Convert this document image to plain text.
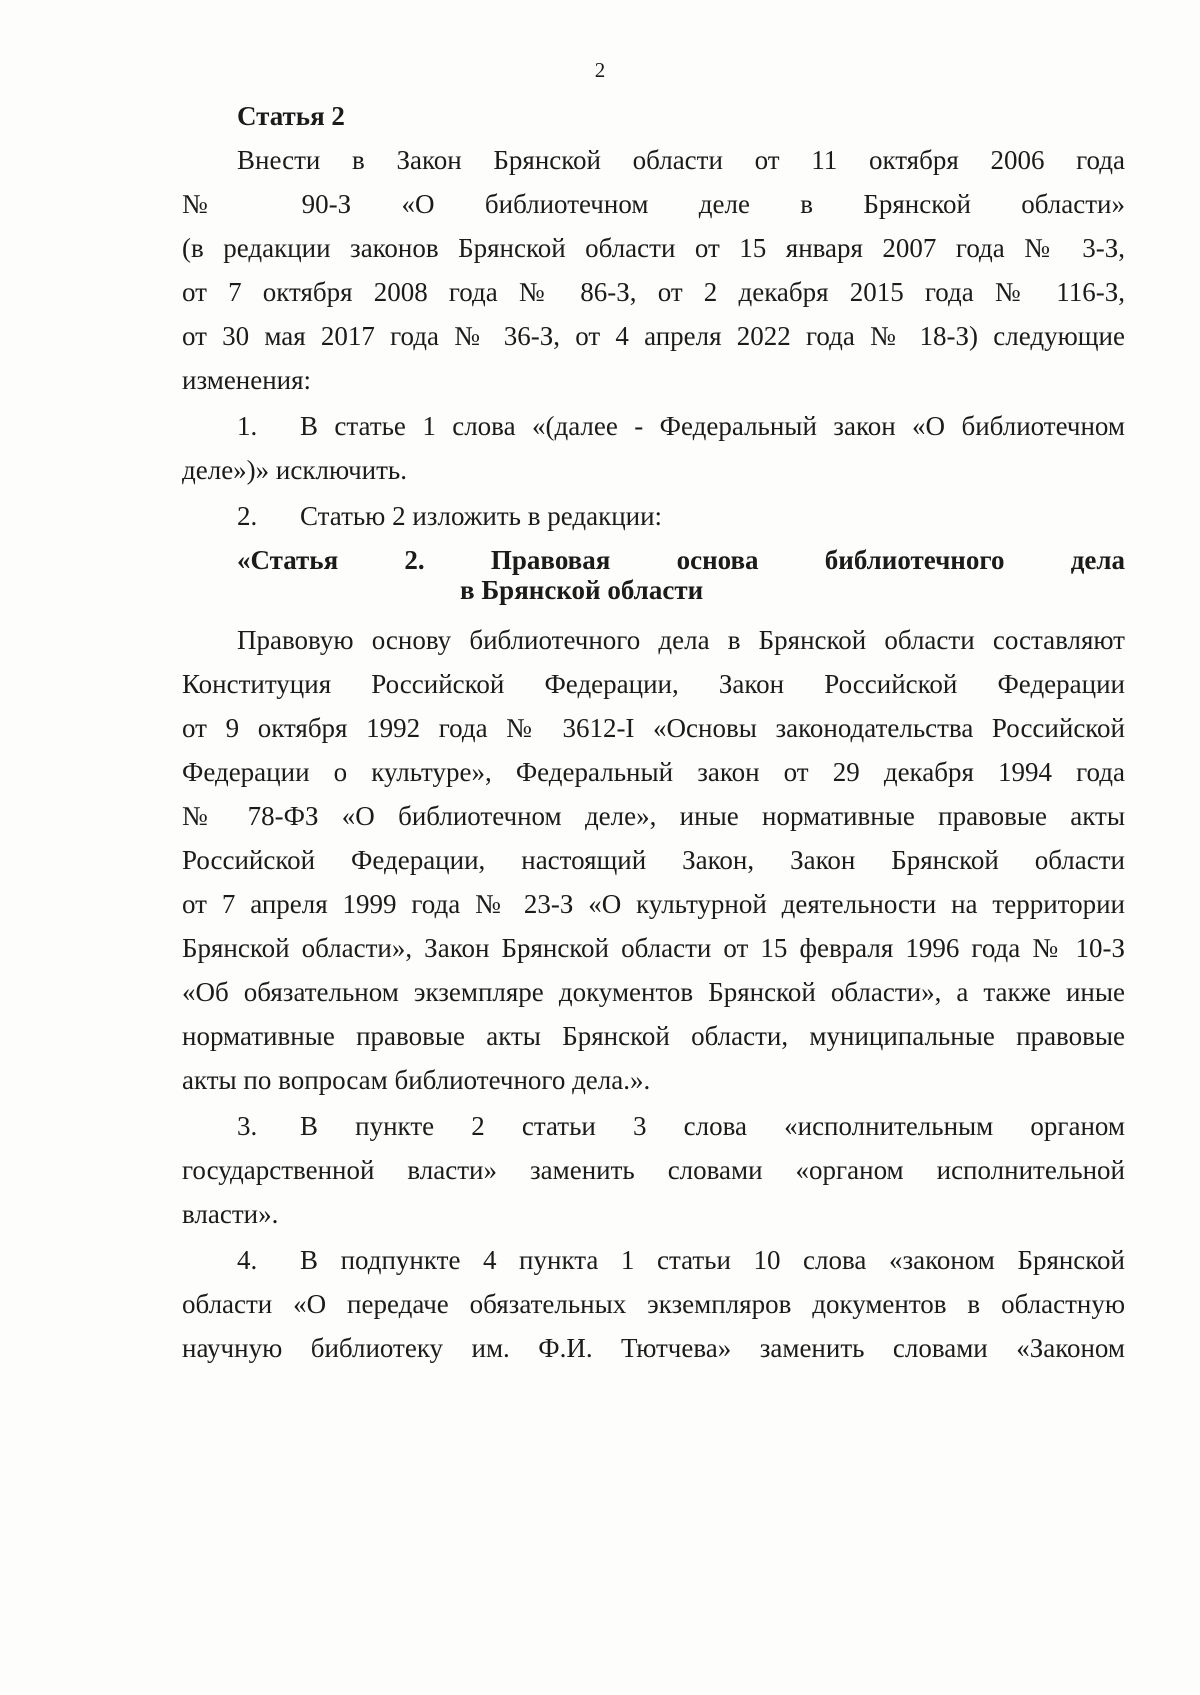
2
Статья 2
Внести в Закон Брянской области от 11 октября 2006 года
№ 90-З «О библиотечном деле в Брянской области»
(в редакции законов Брянской области от 15 января 2007 года № 3-З,
от 7 октября 2008 года № 86-З, от 2 декабря 2015 года № 116-З,
от 30 мая 2017 года № 36-З, от 4 апреля 2022 года № 18-З) следующие
изменения:
1.	В статье 1 слова «(далее - Федеральный закон «О библиотечном
деле»)» исключить.
2.	Статью 2 изложить в редакции:
«Статья 2. Правовая основа библиотечного дела
в Брянской области
Правовую основу библиотечного дела в Брянской области составляют
Конституция Российской Федерации, Закон Российской Федерации
от 9 октября 1992 года № 3612-I «Основы законодательства Российской
Федерации о культуре», Федеральный закон от 29 декабря 1994 года
№ 78-ФЗ «О библиотечном деле», иные нормативные правовые акты
Российской Федерации, настоящий Закон, Закон Брянской области
от 7 апреля 1999 года № 23-З «О культурной деятельности на территории
Брянской области», Закон Брянской области от 15 февраля 1996 года № 10-З
«Об обязательном экземпляре документов Брянской области», а также иные
нормативные правовые акты Брянской области, муниципальные правовые
акты по вопросам библиотечного дела.».
3.	В пункте 2 статьи 3 слова «исполнительным органом
государственной власти» заменить словами «органом исполнительной
власти».
4.	В подпункте 4 пункта 1 статьи 10 слова «законом Брянской
области «О передаче обязательных экземпляров документов в областную
научную библиотеку им. Ф.И. Тютчева» заменить словами «Законом
